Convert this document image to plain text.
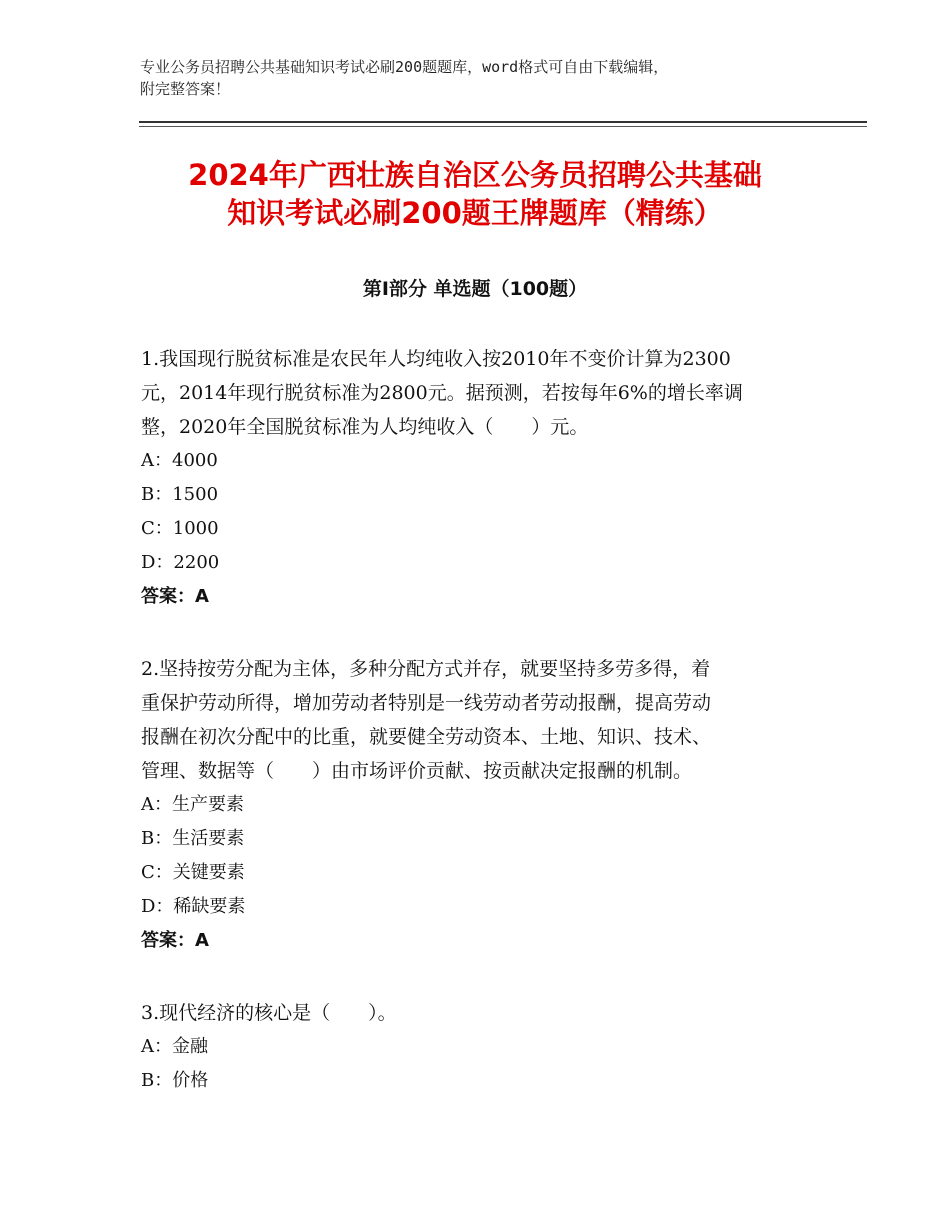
专业公务员招聘公共基础知识考试必刷200题题库，word格式可自由下载编辑，
附完整答案！
2024年广西壮族自治区公务员招聘公共基础
知识考试必刷200题王牌题库（精练）
第Ⅰ部分 单选题（100题）

1.我国现行脱贫标准是农民年人均纯收入按2010年不变价计算为2300

元，2014年现行脱贫标准为2800元。据预测，若按每年6%的增长率调

整，2020年全国脱贫标准为人均纯收入（　　）元。

A：4000

B：1500

C：1000

D：2200

答案：A

2.坚持按劳分配为主体，多种分配方式并存，就要坚持多劳多得，着

重保护劳动所得，增加劳动者特别是一线劳动者劳动报酬，提高劳动

报酬在初次分配中的比重，就要健全劳动资本、土地、知识、技术、

管理、数据等（　　）由市场评价贡献、按贡献决定报酬的机制。

A：生产要素

B：生活要素

C：关键要素

D：稀缺要素

答案：A

3.现代经济的核心是（　　）。

A：金融

B：价格
